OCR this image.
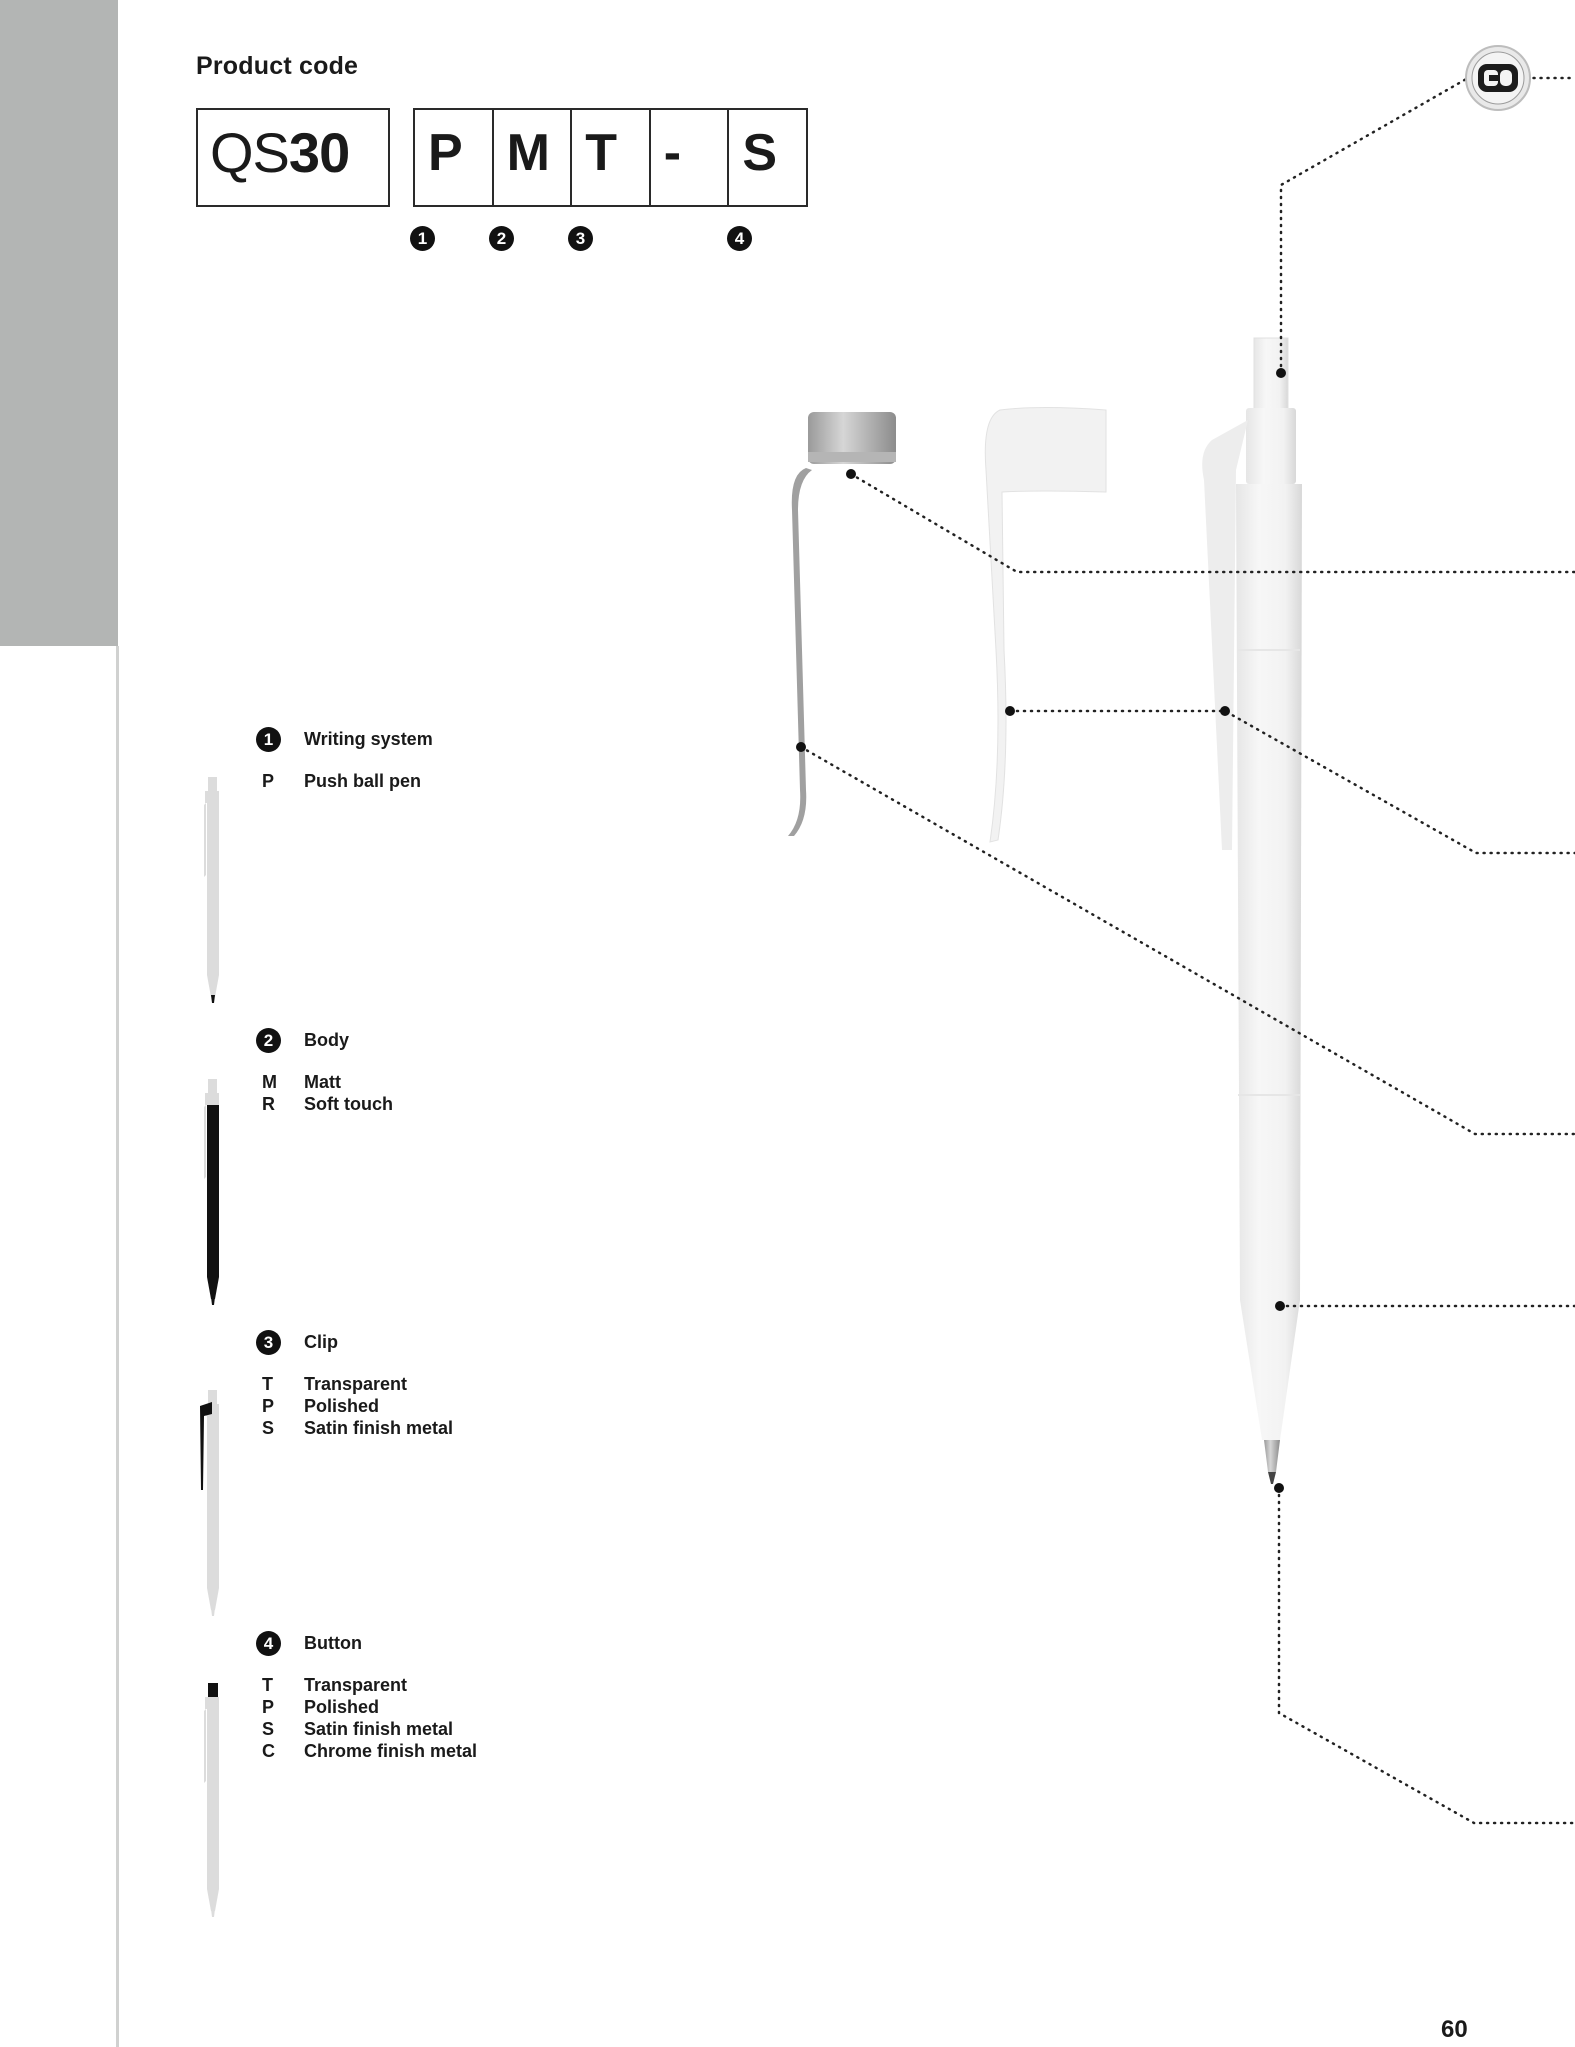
Product code
QS30 P M T - S
1	2	3	4
1	Writing system
P Push ball pen
2	Body
M Matt
R Soft touch
3	Clip
T Transparent
P Polished
S Satin finish metal
4	Button
T Transparent
P Polished
S Satin finish metal
C Chrome finish metal
60
